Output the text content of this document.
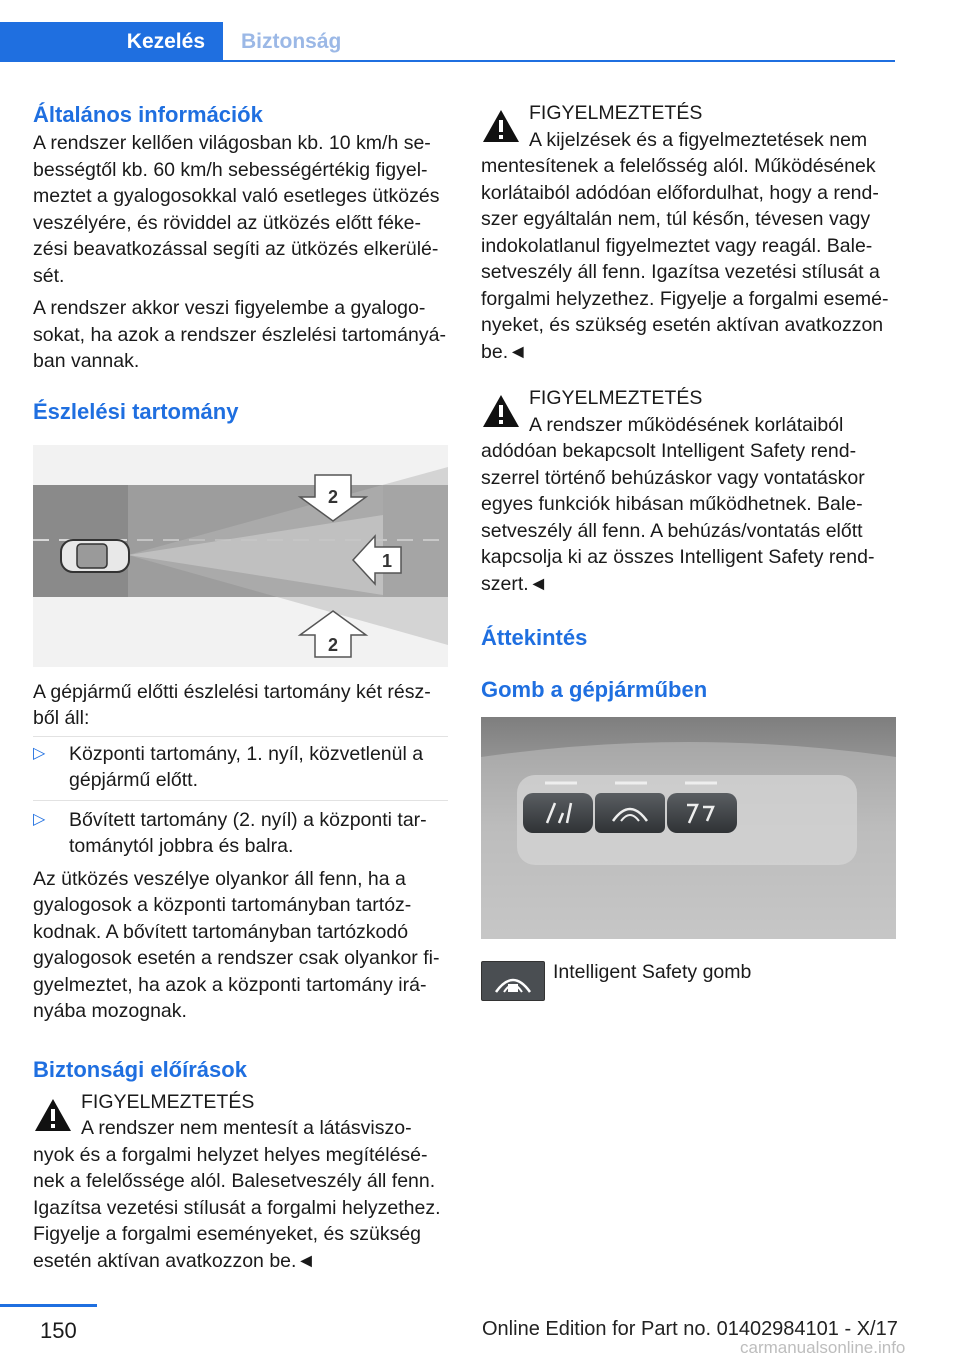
Kezelés	Biztonság
Általános információk
A rendszer kellően világosban kb. 10 km/h se-bességtől kb. 60 km/h sebességértékig figyel-meztet a gyalogosokkal való esetleges ütközés veszélyére, és röviddel az ütközés előtt féke-zési beavatkozással segíti az ütközés elkerülé-sét.
A rendszer akkor veszi figyelembe a gyalogo-sokat, ha azok a rendszer észlelési tartományá-ban vannak.
Észlelési tartomány
2
1
2
A gépjármű előtti észlelési tartomány két rész-ből áll:
▷ Központi tartomány, 1. nyíl, közvetlenül a gépjármű előtt.
▷ Bővített tartomány (2. nyíl) a központi tar-tománytól jobbra és balra.
Az ütközés veszélye olyankor áll fenn, ha a gyalogosok a központi tartományban tartóz-kodnak. A bővített tartományban tartózkodó gyalogosok esetén a rendszer csak olyankor fi-gyelmeztet, ha azok a központi tartomány irá-nyába mozognak.
Biztonsági előírások
FIGYELMEZTETÉS
A rendszer nem mentesít a látásviszo-nyok és a forgalmi helyzet helyes megítélésé-nek a felelőssége alól. Balesetveszély áll fenn. Igazítsa vezetési stílusát a forgalmi helyzethez. Figyelje a forgalmi eseményeket, és szükség esetén aktívan avatkozzon be.◄
FIGYELMEZTETÉS
A kijelzések és a figyelmeztetések nem mentesítenek a felelősség alól. Működésének korlátaiból adódóan előfordulhat, hogy a rend-szer egyáltalán nem, túl későn, tévesen vagy indokolatlanul figyelmeztet vagy reagál. Bale-setveszély áll fenn. Igazítsa vezetési stílusát a forgalmi helyzethez. Figyelje a forgalmi esemé-nyeket, és szükség esetén aktívan avatkozzon be.◄
FIGYELMEZTETÉS
A rendszer működésének korlátaiból adódóan bekapcsolt Intelligent Safety rend-szerrel történő behúzáskor vagy vontatáskor egyes funkciók hibásan működhetnek. Bale-setveszély áll fenn. A behúzás/vontatás előtt kapcsolja ki az összes Intelligent Safety rend-szert.◄
Áttekintés
Gomb a gépjárműben
Intelligent Safety gomb
150	Online Edition for Part no. 01402984101 - X/17
carmanualsonline.info
